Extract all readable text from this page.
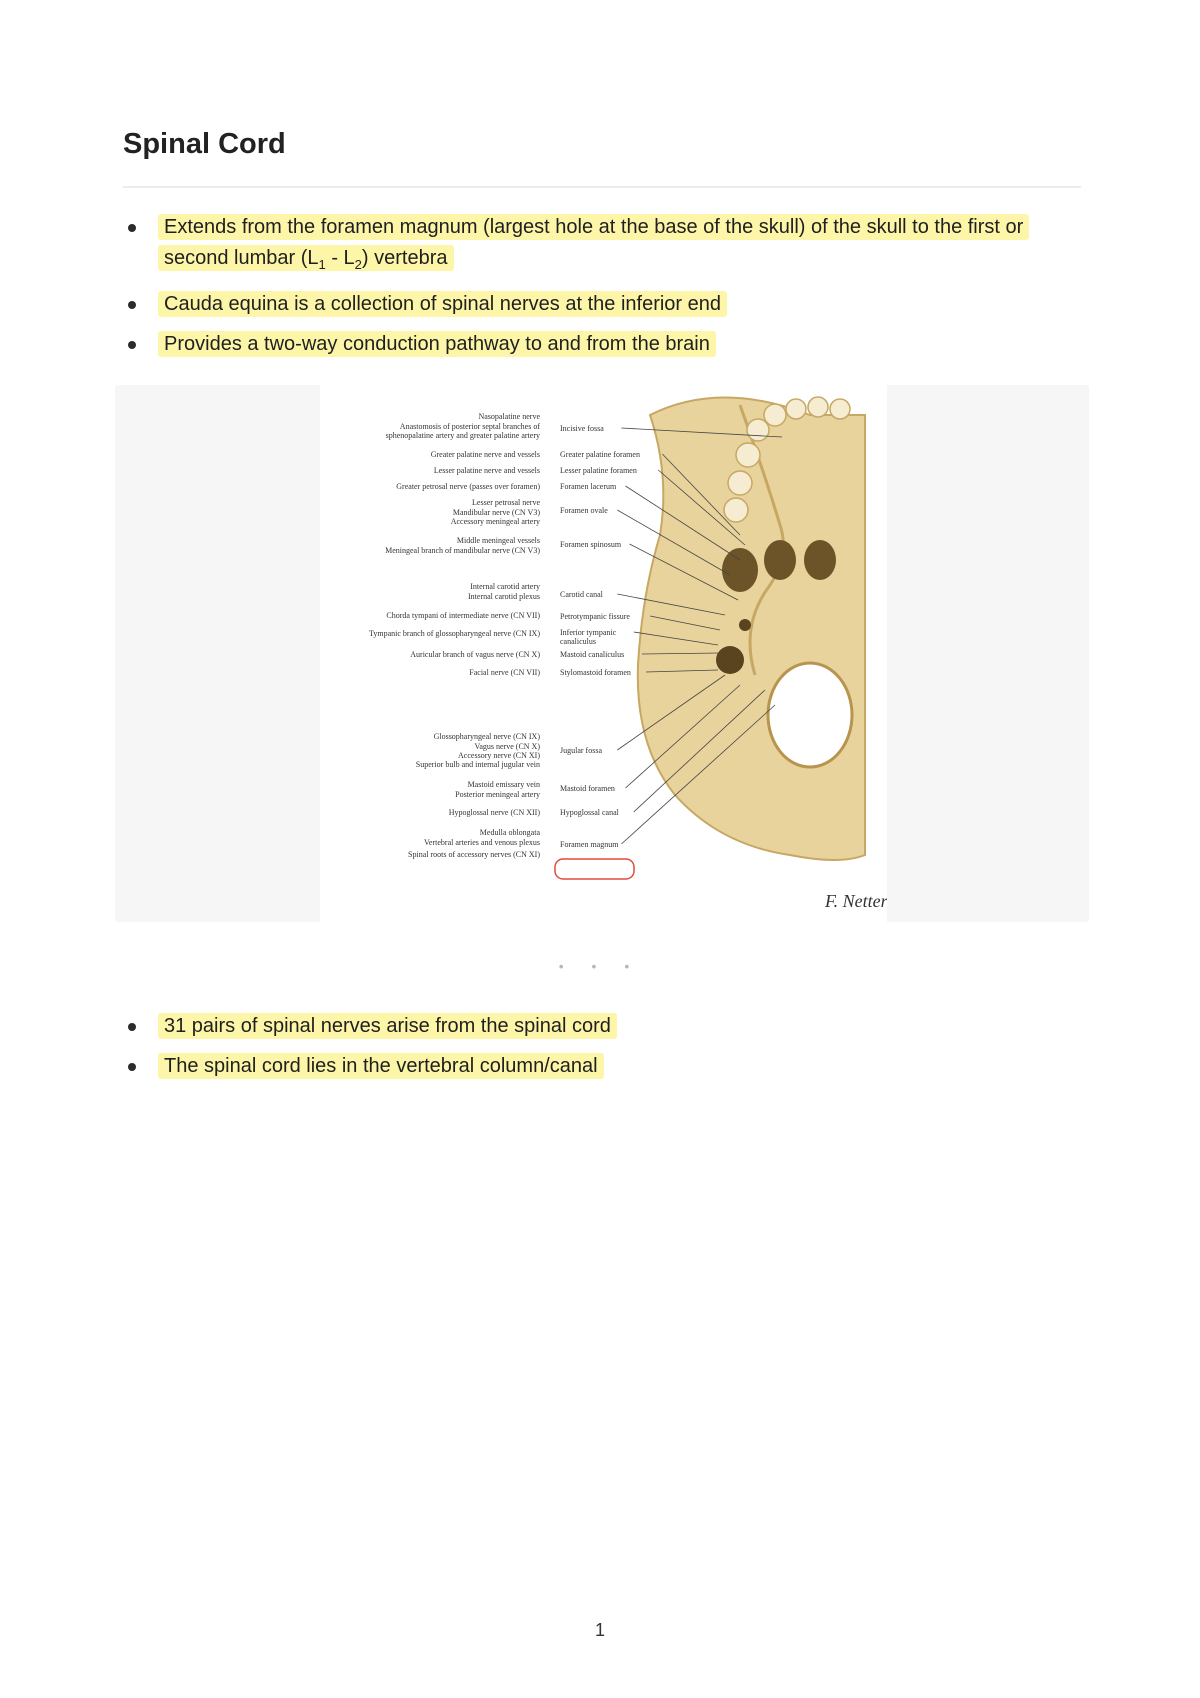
Spinal Cord
Extends from the foramen magnum (largest hole at the base of the skull) of the skull to the first or second lumbar $(L_1 - L_2)$ vertebra
Cauda equina is a collection of spinal nerves at the inferior end
Provides a two-way conduction pathway to and from the brain
Nasopalatine nerve
Anastomosis of posterior septal branches of
sphenopalatine artery and greater palatine artery
Greater palatine nerve and vessels
Lesser palatine nerve and vessels
Greater petrosal nerve (passes over foramen)
Lesser petrosal nerve
Mandibular nerve (CN V3)
Accessory meningeal artery
Middle meningeal vessels
Meningeal branch of mandibular nerve (CN V3)
Internal carotid artery
Internal carotid plexus
Chorda tympani of intermediate nerve (CN VII)
Tympanic branch of glossopharyngeal nerve (CN IX)
Auricular branch of vagus nerve (CN X)
Facial nerve (CN VII)
Glossopharyngeal nerve (CN IX)
Vagus nerve (CN X)
Accessory nerve (CN XI)
Superior bulb and internal jugular vein
Mastoid emissary vein
Posterior meningeal artery
Hypoglossal nerve (CN XII)
Medulla oblongata
Vertebral arteries and venous plexus
Spinal roots of accessory nerves (CN XI)
Incisive fossa
Greater palatine foramen
Lesser palatine foramen
Foramen lacerum
Foramen ovale
Foramen spinosum
Carotid canal
Petrotympanic fissure
Inferior tympanic
canaliculus
Mastoid canaliculus
Stylomastoid foramen
Jugular fossa
Mastoid foramen
Hypoglossal canal
Foramen magnum
F. Netter
• • •
31 pairs of spinal nerves arise from the spinal cord
The spinal cord lies in the vertebral column/canal
1
